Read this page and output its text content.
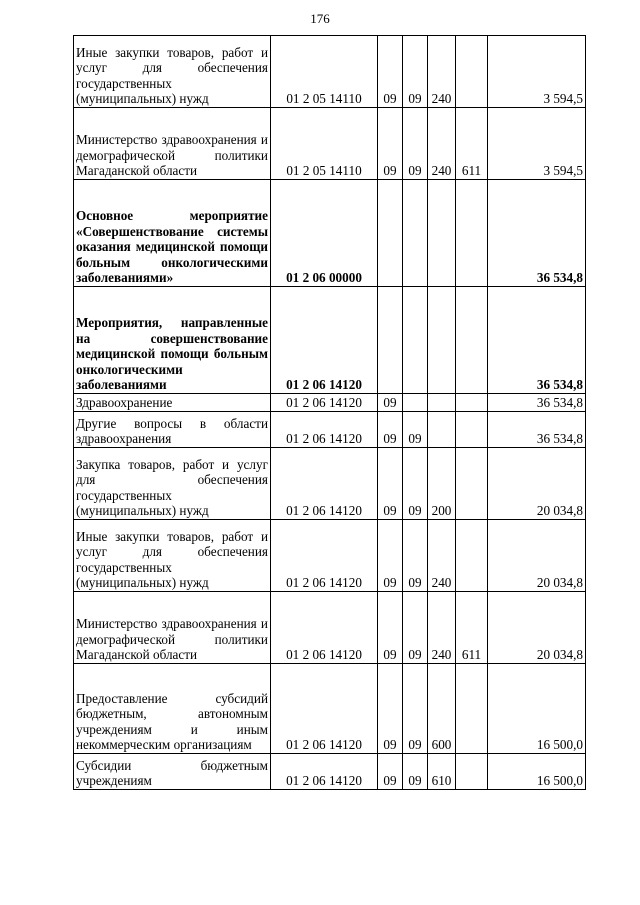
176
Иные закупки товаров, работ и услуг для обеспечения государственных (муниципальных) нужд	01 2 05 14110	09	09	240		3 594,5
Министерство здравоохранения и демографической политики Магаданской области	01 2 05 14110	09	09	240	611	3 594,5
Основное мероприятие «Совершенствование системы оказания медицинской помощи больным онкологическими заболеваниями»	01 2 06 00000					36 534,8
Мероприятия, направленные на совершенствование медицинской помощи больным онкологическими заболеваниями	01 2 06 14120					36 534,8
Здравоохранение	01 2 06 14120	09				36 534,8
Другие вопросы в области здравоохранения	01 2 06 14120	09	09			36 534,8
Закупка товаров, работ и услуг для обеспечения государственных (муниципальных) нужд	01 2 06 14120	09	09	200		20 034,8
Иные закупки товаров, работ и услуг для обеспечения государственных (муниципальных) нужд	01 2 06 14120	09	09	240		20 034,8
Министерство здравоохранения и демографической политики Магаданской области	01 2 06 14120	09	09	240	611	20 034,8
Предоставление субсидий бюджетным, автономным учреждениям и иным некоммерческим организациям	01 2 06 14120	09	09	600		16 500,0
Субсидии бюджетным учреждениям	01 2 06 14120	09	09	610		16 500,0
